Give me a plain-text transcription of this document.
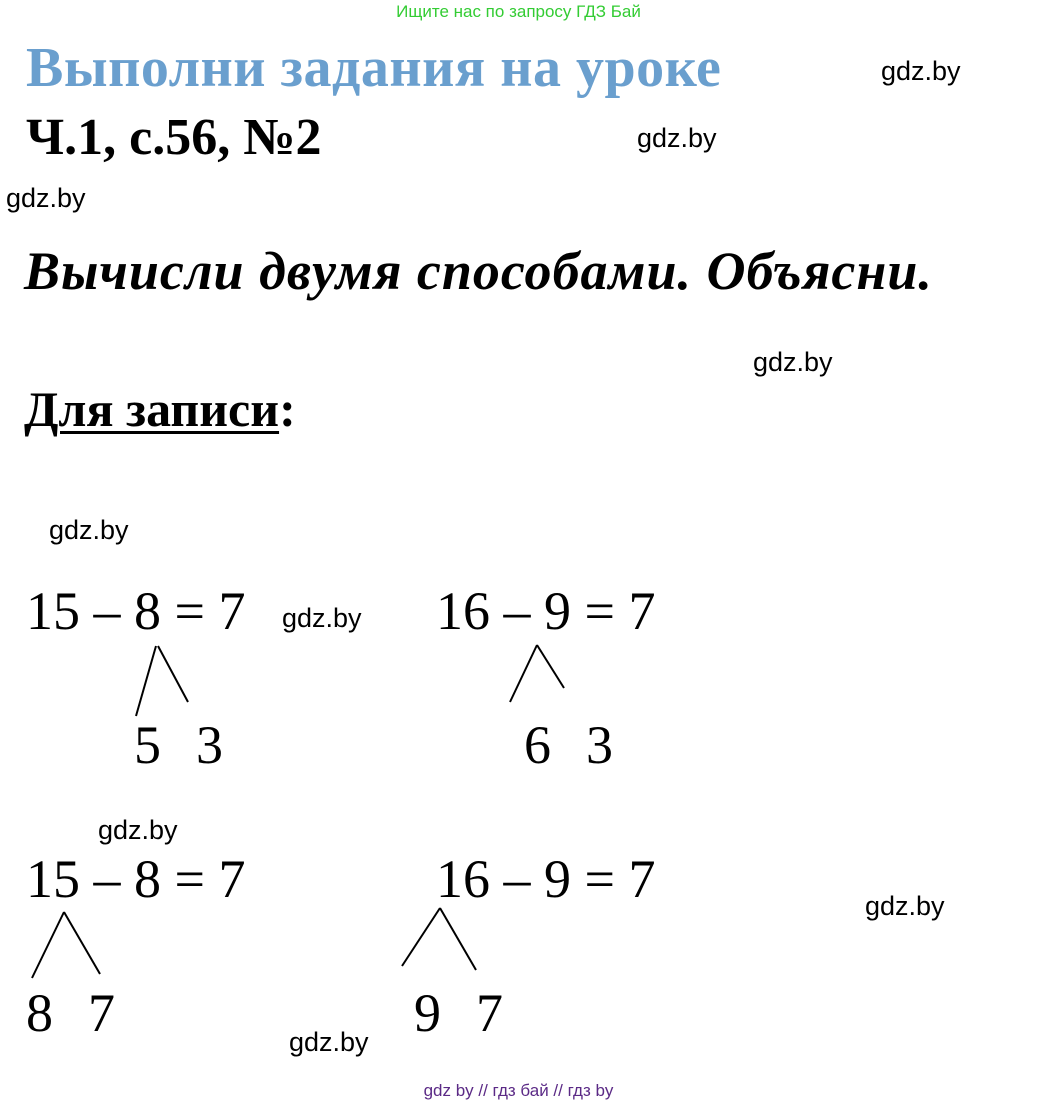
Ищите нас по запросу ГДЗ Бай
Выполни задания на уроке
Ч.1, с.56, №2
Вычисли двумя способами. Объясни.
Для записи:
gdz.by
gdz.by
gdz.by
gdz.by
gdz.by
gdz.by
gdz.by
gdz.by
gdz.by
15 – 8 = 7	16 – 9 = 7
15 – 8 = 7	16 – 9 = 7
5 3	6 3
8 7	9 7
gdz by // гдз бай // гдз by
